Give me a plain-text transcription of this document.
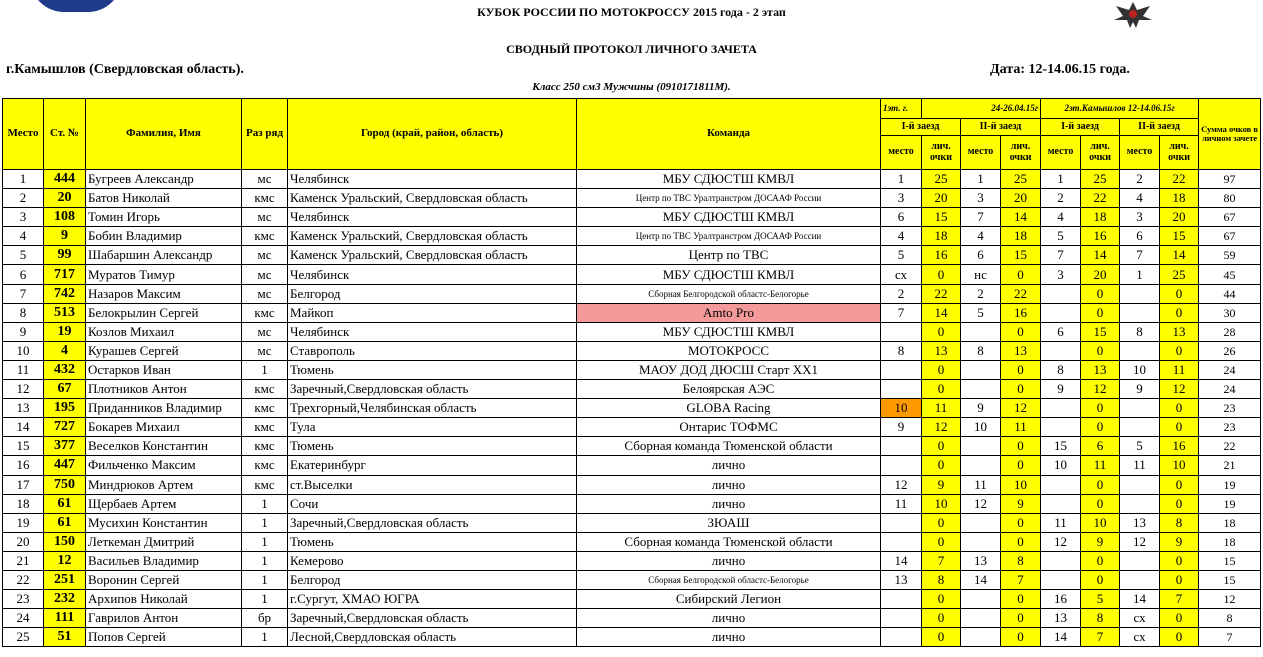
КУБОК РОССИИ ПО МОТОКРОССУ 2015 года - 2 этап
СВОДНЫЙ ПРОТОКОЛ ЛИЧНОГО ЗАЧЕТА
г.Камышлов (Свердловская область).	Дата: 12-14.06.15 года.
Класс 250 см3 Мужчины (0910171811М).
Место	Ст. №	Фамилия, Имя	Раз ряд	Город (край, район, область)	Команда	1эт. г.	24-26.04.15г			2эт.Камышлов 12-14.06.15г				Сумма очков в личном зачете
						I-й заезд		II-й заезд		I-й заезд		II-й заезд		
						место	лич. очки	место	лич. очки	место	лич. очки	место	лич. очки	
1	444	Бугреев Александр	мс	Челябинск	МБУ СДЮСТШ КМВЛ	1	25	1	25	1	25	2	22	97
2	20	Батов Николай	кмс	Каменск Уральский, Свердловская область	Центр по ТВС Уралтранстром ДОСААФ России	3	20	3	20	2	22	4	18	80
3	108	Томин Игорь	мс	Челябинск	МБУ СДЮСТШ КМВЛ	6	15	7	14	4	18	3	20	67
4	9	Бобин Владимир	кмс	Каменск Уральский, Свердловская область	Центр по ТВС Уралтранстром ДОСААФ России	4	18	4	18	5	16	6	15	67
5	99	Шабаршин Александр	мс	Каменск Уральский, Свердловская область	Центр по ТВС	5	16	6	15	7	14	7	14	59
6	717	Муратов Тимур	мс	Челябинск	МБУ СДЮСТШ КМВЛ	сх	0	нс	0	3	20	1	25	45
7	742	Назаров Максим	мс	Белгород	Сборная Белгородской областс-Белогорье	2	22	2	22		0		0	44
8	513	Белокрылин Сергей	кмс	Майкоп	Amto Pro	7	14	5	16		0		0	30
9	19	Козлов Михаил	мс	Челябинск	МБУ СДЮСТШ КМВЛ		0		0	6	15	8	13	28
10	4	Курашев Сергей	мс	Ставрополь	МОТОКРОСС	8	13	8	13		0		0	26
11	432	Остарков Иван	1	Тюмень	МАОУ ДОД ДЮСШ Старт XX1		0		0	8	13	10	11	24
12	67	Плотников Антон	кмс	Заречный,Свердловская область	Белоярская АЭС		0		0	9	12	9	12	24
13	195	Приданников Владимир	кмс	Трехгорный,Челябинская область	GLOBA Racing	10	11	9	12		0		0	23
14	727	Бокарев Михаил	кмс	Тула	Онтарис ТОФМС	9	12	10	11		0		0	23
15	377	Веселков Константин	кмс	Тюмень	Сборная команда Тюменской области		0		0	15	6	5	16	22
16	447	Фильченко Максим	кмс	Екатеринбург	лично		0		0	10	11	11	10	21
17	750	Миндрюков Артем	кмс	ст.Выселки	лично	12	9	11	10		0		0	19
18	61	Щербаев Артем	1	Сочи	лично	11	10	12	9		0		0	19
19	61	Мусихин Константин	1	Заречный,Свердловская область	ЗЮАШ		0		0	11	10	13	8	18
20	150	Леткеман Дмитрий	1	Тюмень	Сборная команда Тюменской области		0		0	12	9	12	9	18
21	12	Васильев Владимир	1	Кемерово	лично	14	7	13	8		0		0	15
22	251	Воронин Сергей	1	Белгород	Сборная Белгородской областс-Белогорье	13	8	14	7		0		0	15
23	232	Архипов Николай	1	г.Сургут, ХМАО ЮГРА	Сибирский Легион		0		0	16	5	14	7	12
24	111	Гаврилов Антон	бр	Заречный,Свердловская область	лично		0		0	13	8	сх	0	8
25	51	Попов Сергей	1	Лесной,Свердловская область	лично		0		0	14	7	сх	0	7
